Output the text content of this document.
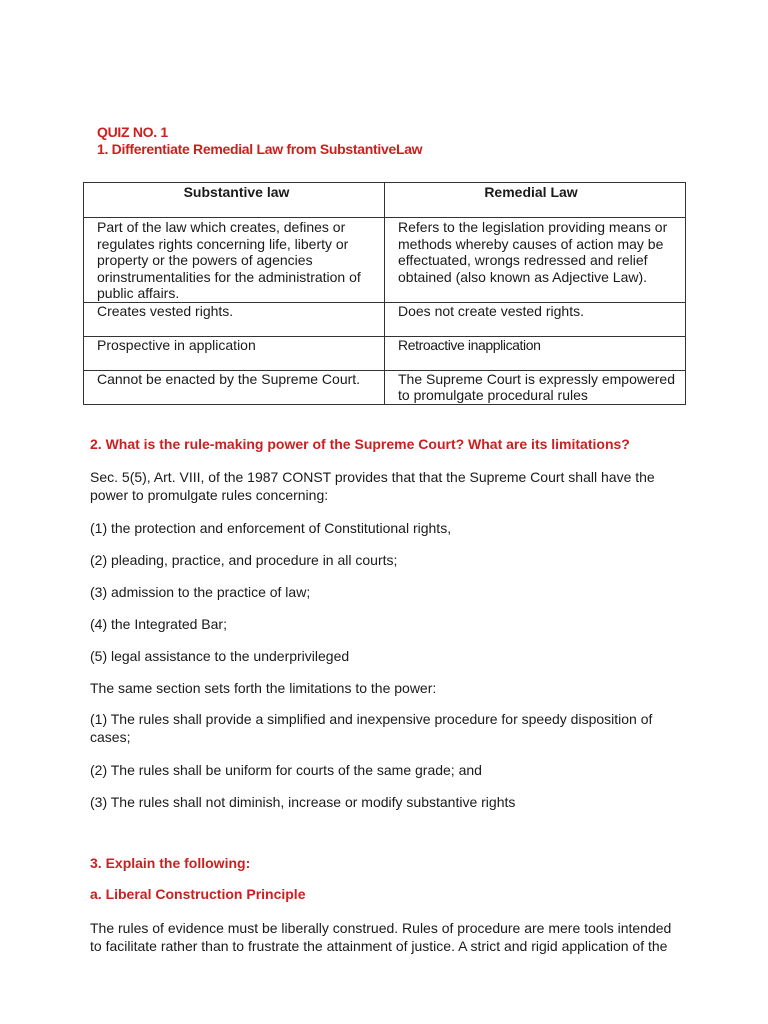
QUIZ NO. 1
1. Differentiate Remedial Law from SubstantiveLaw
Substantive law	Remedial Law

Part of the law which creates, defines or regulates rights concerning life, liberty or property or the powers of agencies orinstrumentalities for the administration of public affairs.	Refers to the legislation providing means or methods whereby causes of action may be effectuated, wrongs redressed and relief obtained (also known as Adjective Law).

Creates vested rights.	Does not create vested rights.
Prospective in application	Retroactive inapplication
Cannot be enacted by the Supreme Court.	The Supreme Court is expressly empowered to promulgate procedural rules
2. What is the rule-making power of the Supreme Court? What are its limitations?
Sec. 5(5), Art. VIII, of the 1987 CONST provides that that the Supreme Court shall have the power to promulgate rules concerning:
(1) the protection and enforcement of Constitutional rights,
(2) pleading, practice, and procedure in all courts;
(3) admission to the practice of law;
(4) the Integrated Bar;
(5) legal assistance to the underprivileged
The same section sets forth the limitations to the power:
(1) The rules shall provide a simplified and inexpensive procedure for speedy disposition of cases;
(2) The rules shall be uniform for courts of the same grade; and
(3) The rules shall not diminish, increase or modify substantive rights
3. Explain the following:
a. Liberal Construction Principle
The rules of evidence must be liberally construed. Rules of procedure are mere tools intended to facilitate rather than to frustrate the attainment of justice. A strict and rigid application of the
